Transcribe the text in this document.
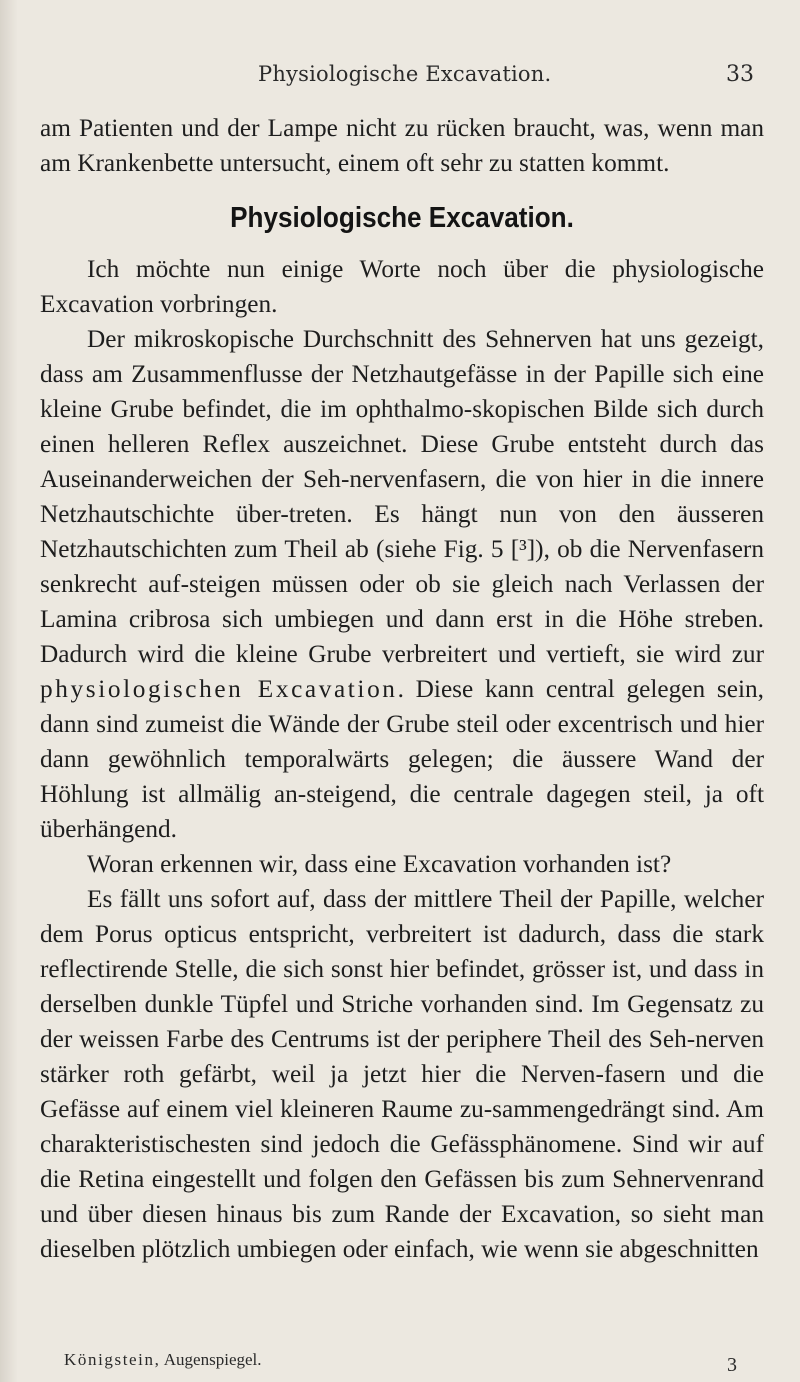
Physiologische Excavation.	33

am Patienten und der Lampe nicht zu rücken braucht, was, wenn man am Krankenbette untersucht, einem oft sehr zu statten kommt.

Physiologische Excavation.

Ich möchte nun einige Worte noch über die physiologische Excavation vorbringen.

Der mikroskopische Durchschnitt des Sehnerven hat uns gezeigt, dass am Zusammenflusse der Netzhautgefässe in der Papille sich eine kleine Grube befindet, die im ophthalmo-skopischen Bilde sich durch einen helleren Reflex auszeichnet. Diese Grube entsteht durch das Auseinanderweichen der Seh-nervenfasern, die von hier in die innere Netzhautschichte über-treten. Es hängt nun von den äusseren Netzhautschichten zum Theil ab (siehe Fig. 5 [³]), ob die Nervenfasern senkrecht auf-steigen müssen oder ob sie gleich nach Verlassen der Lamina cribrosa sich umbiegen und dann erst in die Höhe streben. Dadurch wird die kleine Grube verbreitert und vertieft, sie wird zur physiologischen Excavation. Diese kann central gelegen sein, dann sind zumeist die Wände der Grube steil oder excentrisch und hier dann gewöhnlich temporalwärts gelegen; die äussere Wand der Höhlung ist allmälig an-steigend, die centrale dagegen steil, ja oft überhängend.

Woran erkennen wir, dass eine Excavation vorhanden ist?

Es fällt uns sofort auf, dass der mittlere Theil der Papille, welcher dem Porus opticus entspricht, verbreitert ist dadurch, dass die stark reflectirende Stelle, die sich sonst hier befindet, grösser ist, und dass in derselben dunkle Tüpfel und Striche vorhanden sind. Im Gegensatz zu der weissen Farbe des Centrums ist der periphere Theil des Seh-nerven stärker roth gefärbt, weil ja jetzt hier die Nerven-fasern und die Gefässe auf einem viel kleineren Raume zu-sammengedrängt sind. Am charakteristischesten sind jedoch die Gefässphänomene. Sind wir auf die Retina eingestellt und folgen den Gefässen bis zum Sehnervenrand und über diesen hinaus bis zum Rande der Excavation, so sieht man dieselben plötzlich umbiegen oder einfach, wie wenn sie abgeschnitten

Königstein, Augenspiegel.	3
